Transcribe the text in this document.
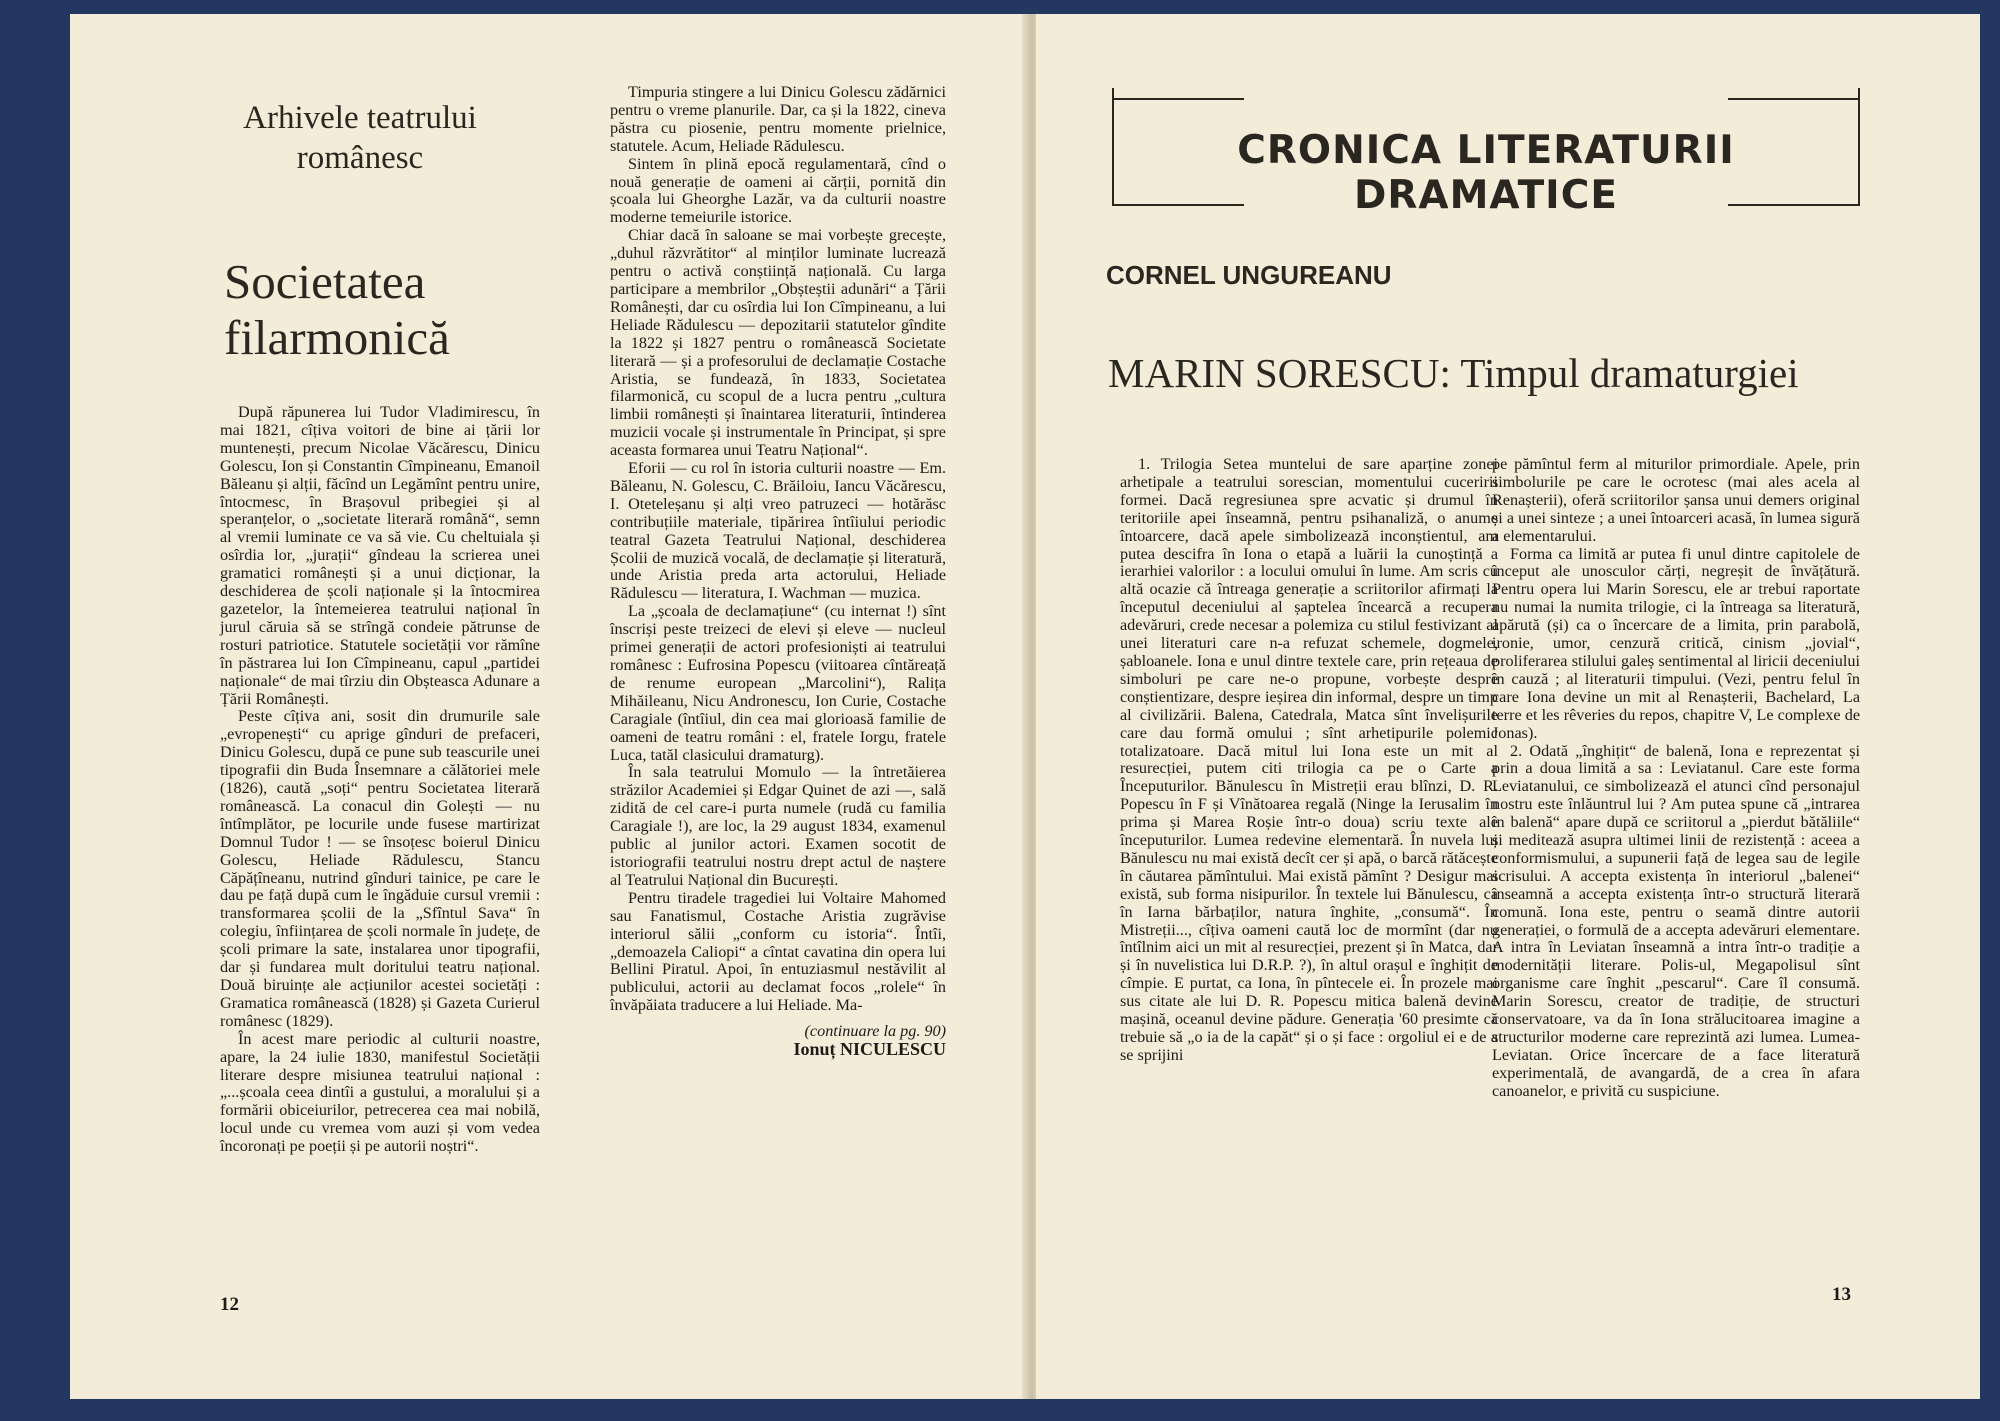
Arhivele teatrului românesc
Societatea filarmonică

După răpunerea lui Tudor Vladimirescu, în mai 1821, cîțiva voitori de bine ai țării lor muntenești, precum Nicolae Văcărescu, Dinicu Golescu, Ion și Constantin Cîmpineanu, Emanoil Băleanu și alții, făcînd un Legămînt pentru unire, întocmesc, în Brașovul pribegiei și al speranțelor, o „societate literară română“, semn al vremii luminate ce va să vie. Cu cheltuiala și osîrdia lor, „jurații“ gîndeau la scrierea unei gramatici românești și a unui dicționar, la deschiderea de școli naționale și la întocmirea gazetelor, la întemeierea teatrului național în jurul căruia să se strîngă condeie pătrunse de rosturi patriotice. Statutele societății vor rămîne în păstrarea lui Ion Cîmpineanu, capul „partidei naționale“ de mai tîrziu din Obșteasca Adunare a Țării Românești.

Peste cîțiva ani, sosit din drumurile sale „evropenești“ cu aprige gînduri de prefaceri, Dinicu Golescu, după ce pune sub teascurile unei tipografii din Buda Însemnare a călătoriei mele (1826), caută „soți“ pentru Societatea literară românească. La conacul din Golești — nu întîmplător, pe locurile unde fusese martirizat Domnul Tudor ! — se însoțesc boierul Dinicu Golescu, Heliade Rădulescu, Stancu Căpățîneanu, nutrind gînduri tainice, pe care le dau pe față după cum le îngăduie cursul vremii : transformarea școlii de la „Sfîntul Sava“ în colegiu, înființarea de școli normale în județe, de școli primare la sate, instalarea unor tipografii, dar și fundarea mult doritului teatru național. Două biruințe ale acțiunilor acestei societăți : Gramatica românească (1828) și Gazeta Curierul românesc (1829).

În acest mare periodic al culturii noastre, apare, la 24 iulie 1830, manifestul Societății literare despre misiunea teatrului național : „...școala ceea dintîi a gustului, a moralului și a formării obiceiurilor, petrecerea cea mai nobilă, locul unde cu vremea vom auzi și vom vedea încoronați pe poeții și pe autorii noștri“.

Timpuria stingere a lui Dinicu Golescu zădărnici pentru o vreme planurile. Dar, ca și la 1822, cineva păstra cu piosenie, pentru momente prielnice, statutele. Acum, Heliade Rădulescu.

Sintem în plină epocă regulamentară, cînd o nouă generație de oameni ai cărții, pornită din școala lui Gheorghe Lazăr, va da culturii noastre moderne temeiurile istorice.

Chiar dacă în saloane se mai vorbește grecește, „duhul răzvrătitor“ al minților luminate lucrează pentru o activă conștiință națională. Cu larga participare a membrilor „Obșteștii adunări“ a Țării Românești, dar cu osîrdia lui Ion Cîmpineanu, a lui Heliade Rădulescu — depozitarii statutelor gîndite la 1822 și 1827 pentru o românească Societate literară — și a profesorului de declamație Costache Aristia, se fundează, în 1833, Societatea filarmonică, cu scopul de a lucra pentru „cultura limbii românești și înaintarea literaturii, întinderea muzicii vocale și instrumentale în Principat, și spre aceasta formarea unui Teatru Național“.

Eforii — cu rol în istoria culturii noastre — Em. Băleanu, N. Golescu, C. Brăiloiu, Iancu Văcărescu, I. Oteteleșanu și alți vreo patruzeci — hotărăsc contribuțiile materiale, tipărirea întîiului periodic teatral Gazeta Teatrului Național, deschiderea Școlii de muzică vocală, de declamație și literatură, unde Aristia preda arta actorului, Heliade Rădulescu — literatura, I. Wachman — muzica.

La „școala de declamațiune“ (cu internat !) sînt înscriși peste treizeci de elevi și eleve — nucleul primei generații de actori profesioniști ai teatrului românesc : Eufrosina Popescu (viitoarea cîntăreață de renume european „Marcolini“), Ralița Mihăileanu, Nicu Andronescu, Ion Curie, Costache Caragiale (întîiul, din cea mai glorioasă familie de oameni de teatru români : el, fratele Iorgu, fratele Luca, tatăl clasicului dramaturg).

În sala teatrului Momulo — la întretăierea străzilor Academiei și Edgar Quinet de azi —, sală zidită de cel care-i purta numele (rudă cu familia Caragiale !), are loc, la 29 august 1834, examenul public al junilor actori. Examen socotit de istoriografii teatrului nostru drept actul de naștere al Teatrului Național din București.

Pentru tiradele tragediei lui Voltaire Mahomed sau Fanatismul, Costache Aristia zugrăvise interiorul sălii „conform cu istoria“. Întîi, „demoazela Caliopi“ a cîntat cavatina din opera lui Bellini Piratul. Apoi, în entuziasmul nestăvilit al publicului, actorii au declamat focos „rolele“ în învăpăiata traducere a lui Heliade. Ma-

(continuare la pg. 90)

Ionuț NICULESCU

12
CRONICA LITERATURII DRAMATICE
CORNEL UNGUREANU
MARIN SORESCU: Timpul dramaturgiei

1. Trilogia Setea muntelui de sare aparține zonei arhetipale a teatrului sorescian, momentului cuceririi formei. Dacă regresiunea spre acvatic și drumul în teritoriile apei înseamnă, pentru psihanaliză, o anume întoarcere, dacă apele simbolizează inconștientul, am putea descifra în Iona o etapă a luării la cunoștință a ierarhiei valorilor : a locului omului în lume. Am scris cu altă ocazie că întreaga generație a scriitorilor afirmați la începutul deceniului al șaptelea încearcă a recupera adevăruri, crede necesar a polemiza cu stilul festivizant al unei literaturi care n-a refuzat schemele, dogmele, șabloanele. Iona e unul dintre textele care, prin rețeaua de simboluri pe care ne-o propune, vorbește despre conștientizare, despre ieșirea din informal, despre un timp al civilizării. Balena, Catedrala, Matca sînt învelișurile care dau formă omului ; sînt arhetipurile polemic totalizatoare. Dacă mitul lui Iona este un mit al resurecției, putem citi trilogia ca pe o Carte a Începuturilor. Bănulescu în Mistreții erau blînzi, D. R. Popescu în F și Vînătoarea regală (Ninge la Ierusalim în prima și Marea Roșie într-o doua) scriu texte ale începuturilor. Lumea redevine elementară. În nuvela lui Bănulescu nu mai există decît cer și apă, o barcă rătăcește în căutarea pămîntului. Mai există pămînt ? Desigur mai există, sub forma nisipurilor. În textele lui Bănulescu, ca în Iarna bărbaților, natura înghite, „consumă“. În Mistreții..., cîțiva oameni caută loc de mormînt (dar nu întîlnim aici un mit al resurecției, prezent și în Matca, dar și în nuvelistica lui D.R.P. ?), în altul orașul e înghițit de cîmpie. E purtat, ca Iona, în pîntecele ei. În prozele mai sus citate ale lui D. R. Popescu mitica balenă devine mașină, oceanul devine pădure. Generația '60 presimte că trebuie să „o ia de la capăt“ și o și face : orgoliul ei e de a se sprijini

pe pămîntul ferm al miturilor primordiale. Apele, prin simbolurile pe care le ocrotesc (mai ales acela al Renașterii), oferă scriitorilor șansa unui demers original și a unei sinteze ; a unei întoarceri acasă, în lumea sigură a elementarului.

Forma ca limită ar putea fi unul dintre capitolele de început ale unosculor cărți, negreșit de învățătură. Pentru opera lui Marin Sorescu, ele ar trebui raportate nu numai la numita trilogie, ci la întreaga sa literatură, apărută (și) ca o încercare de a limita, prin parabolă, ironie, umor, cenzură critică, cinism „jovial“, proliferarea stilului galeș sentimental al liricii deceniului în cauză ; al literaturii timpului. (Vezi, pentru felul în care Iona devine un mit al Renașterii, Bachelard, La terre et les rêveries du repos, chapitre V, Le complexe de Jonas).

2. Odată „înghițit“ de balenă, Iona e reprezentat și prin a doua limită a sa : Leviatanul. Care este forma Leviatanului, ce simbolizează el atunci cînd personajul nostru este înlăuntrul lui ? Am putea spune că „intrarea în balenă“ apare după ce scriitorul a „pierdut bătăliile“ și meditează asupra ultimei linii de rezistență : aceea a conformismului, a supunerii față de legea sau de legile scrisului. A accepta existența în interiorul „balenei“ înseamnă a accepta existența într-o structură literară comună. Iona este, pentru o seamă dintre autorii generației, o formulă de a accepta adevăruri elementare. A intra în Leviatan înseamnă a intra într-o tradiție a modernității literare. Polis-ul, Megapolisul sînt organisme care înghit „pescarul“. Care îl consumă. Marin Sorescu, creator de tradiție, de structuri conservatoare, va da în Iona strălucitoarea imagine a structurilor moderne care reprezintă azi lumea. Lumea-Leviatan. Orice încercare de a face literatură experimentală, de avangardă, de a crea în afara canoanelor, e privită cu suspiciune.

13
